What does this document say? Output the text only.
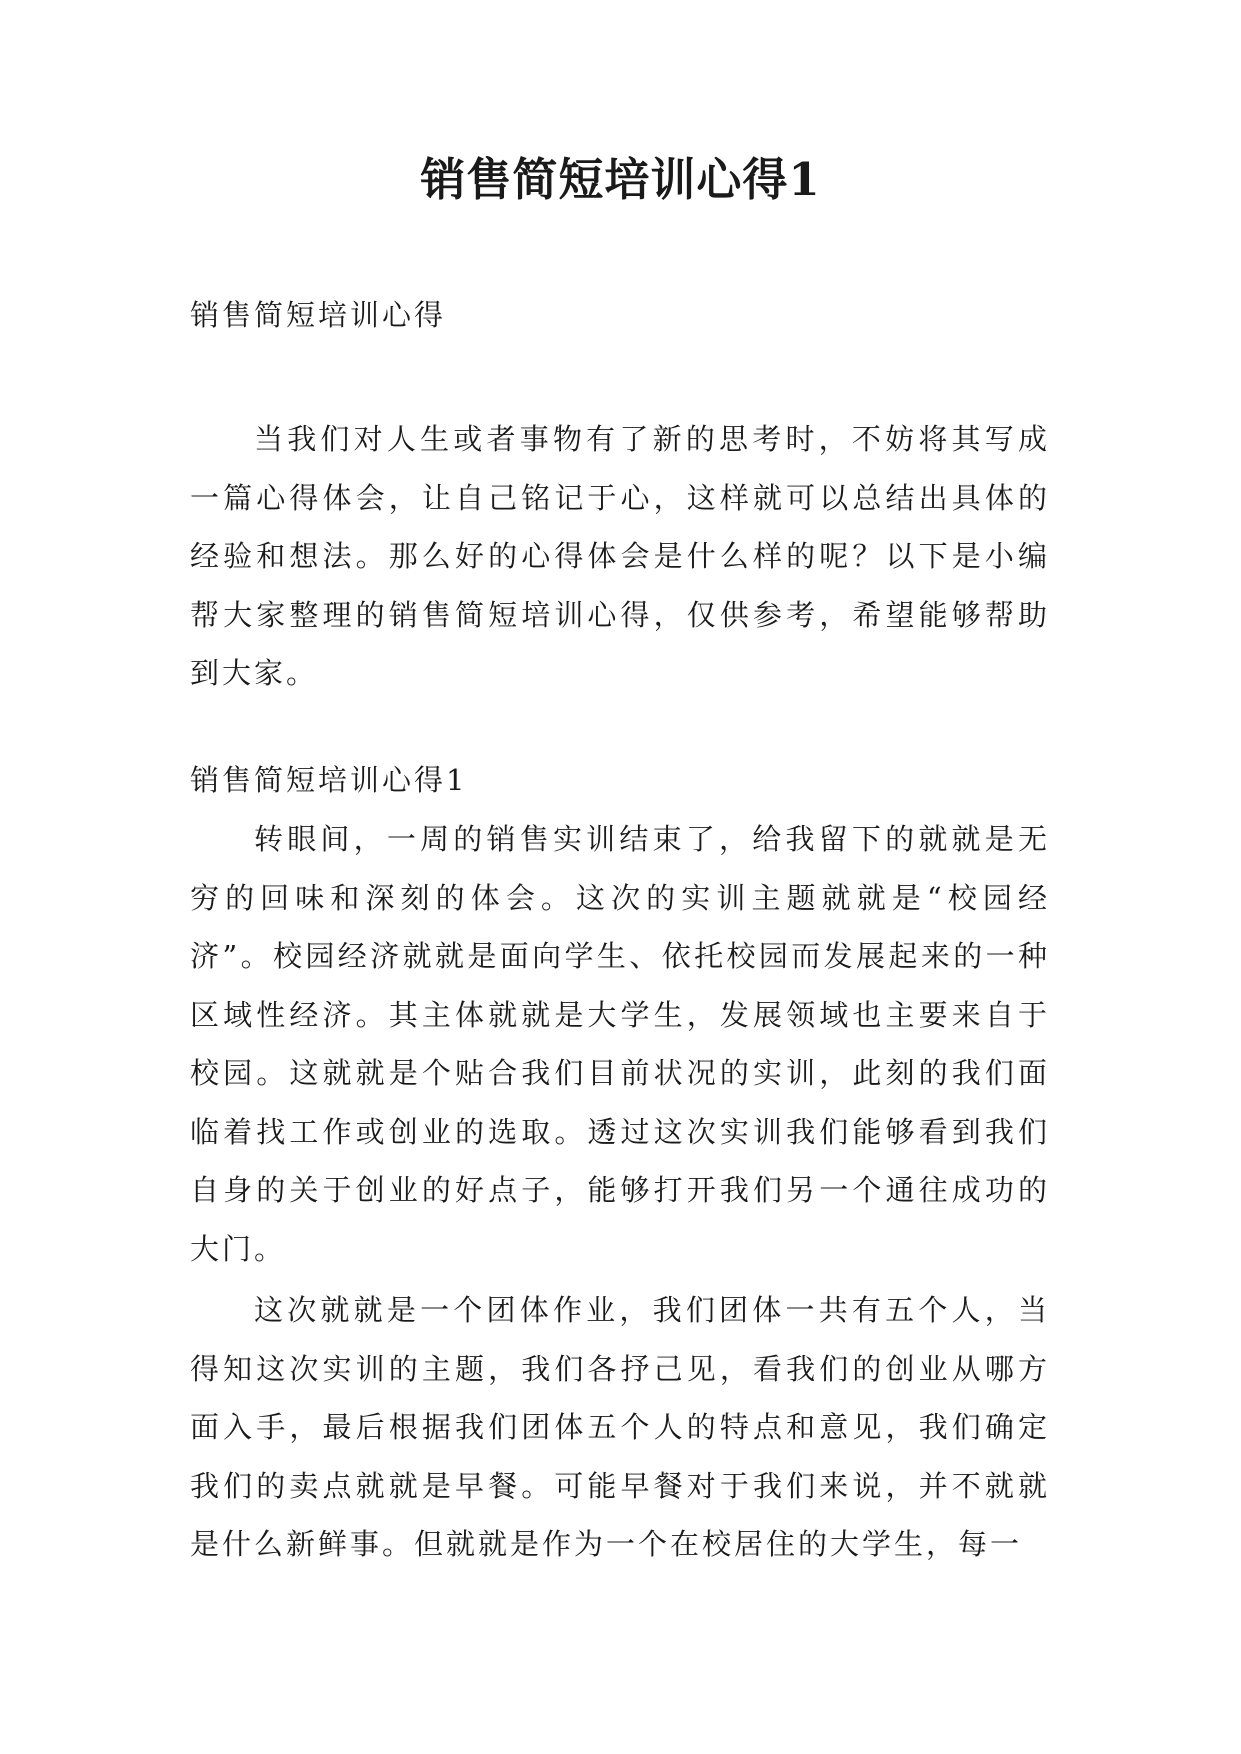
销售简短培训心得1

销售简短培训心得

当我们对人生或者事物有了新的思考时，不妨将其写成一篇心得体会，让自己铭记于心，这样就可以总结出具体的经验和想法。那么好的心得体会是什么样的呢？以下是小编帮大家整理的销售简短培训心得，仅供参考，希望能够帮助到大家。

销售简短培训心得1

转眼间，一周的销售实训结束了，给我留下的就就是无穷的回味和深刻的体会。这次的实训主题就就是“校园经济”。校园经济就就是面向学生、依托校园而发展起来的一种区域性经济。其主体就就是大学生，发展领域也主要来自于校园。这就就是个贴合我们目前状况的实训，此刻的我们面临着找工作或创业的选取。透过这次实训我们能够看到我们自身的关于创业的好点子，能够打开我们另一个通往成功的大门。

这次就就是一个团体作业，我们团体一共有五个人，当得知这次实训的主题，我们各抒己见，看我们的创业从哪方面入手，最后根据我们团体五个人的特点和意见，我们确定我们的卖点就就是早餐。可能早餐对于我们来说，并不就就是什么新鲜事。但就就是作为一个在校居住的大学生，每一
